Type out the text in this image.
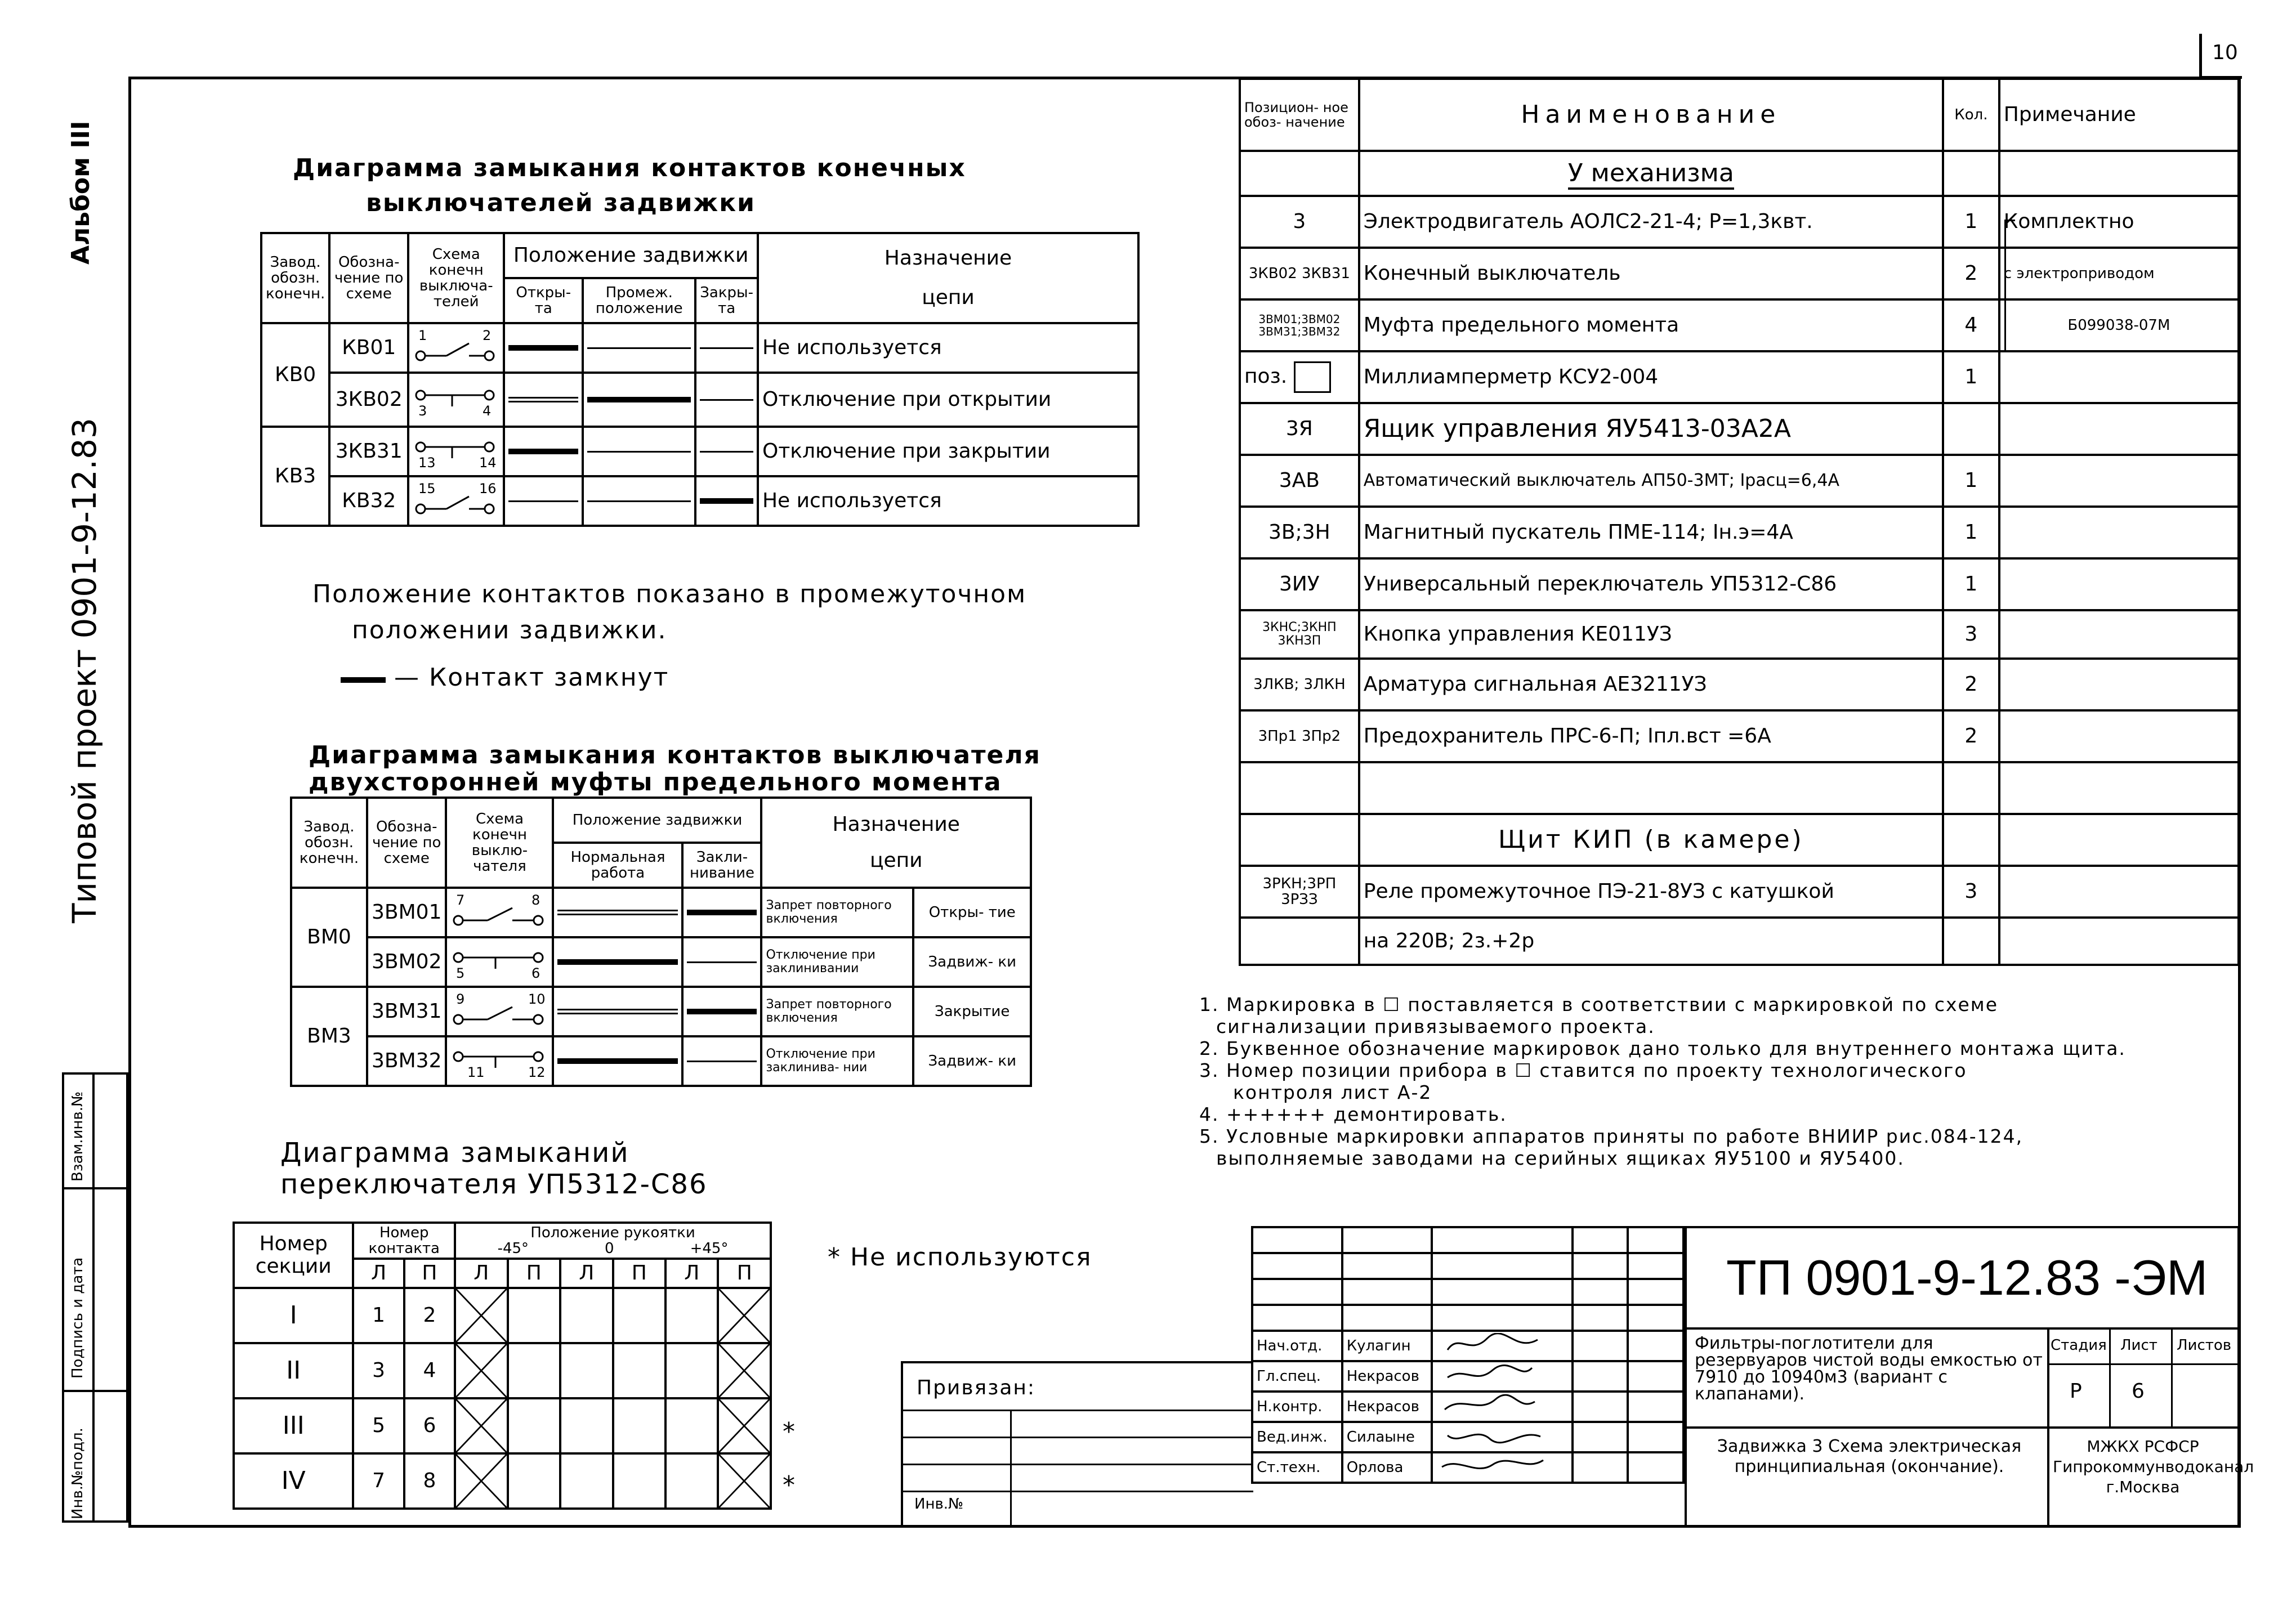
10
Альбом III
Типовой проект 0901-9-12.83
Взам.инв.№
Подпись и дата
Инв.№подл.
Диаграмма замыкания контактов конечных
выключателей задвижки
Завод. обозн. конечн.	Обозна- чение по схеме	Схема конечн выключа- телей	Положение задвижки			Назначение
цепи

			Откры- та	Промеж. положение	Закры- та	
КВ0	КВ01	1 2				Не используется
	3КВ02	3 4				Отключение при открытии
КВ3	3КВ31	13 14				Отключение при закрытии
	КВ32	15 16				Не используется
Положение контактов показано в промежуточном
положении задвижки.
— Контакт замкнут
Диаграмма замыкания контактов выключателя
двухсторонней муфты предельного момента
Завод. обозн. конечн.	Обозна- чение по схеме	Схема конечн выклю- чателя	Положение задвижки		Назначение
цепи	

			Нормальная работа	Закли- нивание		
ВМ0	3ВМ01	7 8			Запрет повторного включения	Откры- тие
	3ВМ02	5 6			Отключение при заклинивании	Задвиж- ки
ВМ3	3ВМ31	9 10			Запрет повторного включения	Закрытие
	3ВМ32	11 12			Отключение при заклинива- нии	Задвиж- ки
Диаграмма замыканий
переключателя УП5312-С86
Номер секции	Номер контакта		Положение рукоятки
-45° 0 +45°					

	Л	П	Л	П	Л	П	Л	П
I	1	2	

II	3	4	

III	5	6	

IV	7	8	

*
*
* Не используются
Позицион- ное обоз- начение	Наименование	Кол.	Примечание
	У механизма		
3	Электродвигатель АОЛС2-21-4; Р=1,3квт.	1	Комплектно
3КВ02 3КВ31	Конечный выключатель	2	с электроприводом
3ВМ01;3ВМ02 3ВМ31;3ВМ32	Муфта предельного момента	4	Б099038-07М
поз.	Миллиамперметр КСУ2-004	1	
3Я	Ящик управления ЯУ5413-03А2А		
3АВ	Автоматический выключатель АП50-3МТ; Iрасц=6,4А	1	
3В;3Н	Магнитный пускатель ПМЕ-114; Iн.э=4А	1	
3ИУ	Универсальный переключатель УП5312-С86	1	
3КНС;3КНП 3КНЗП	Кнопка управления КЕ011УЗ	3	
3ЛКВ; 3ЛКН	Арматура сигнальная АЕ3211УЗ	2	
3Пр1 3Пр2	Предохранитель ПРС-6-П; Iпл.вст =6А	2	

	Щит КИП (в камере)		
3РКН;3РП 3РЗЗ	Реле промежуточное ПЭ-21-8УЗ с катушкой	3	
	на 220В; 2з.+2р		
1. Маркировка в ☐ поставляется в соответствии с маркировкой по схеме
сигнализации привязываемого проекта.
2. Буквенное обозначение маркировок дано только для внутреннего монтажа щита.
3. Номер позиции прибора в ☐ ставится по проекту технологического
контроля лист А-2
4. ++++++ демонтировать.
5. Условные маркировки аппаратов приняты по работе ВНИИР рис.084-124,
выполняемые заводами на серийных ящиках ЯУ5100 и ЯУ5400.

Нач.отд.	Кулагин			
Гл.спец.	Некрасов			
Н.контр.	Некрасов			
Вед.инж.	Силаыне			
Ст.техн.	Орлова			
Привязан:
Инв.№
ТП 0901-9-12.83 -ЭМ
Фильтры-поглотители для резервуаров чистой воды емкостью от 7910 до 10940м3 (вариант с клапанами).
Задвижка 3 Схема электрическая принципиальная (окончание).
Стадия Лист Листов
Р 6
МЖКХ РСФСР Гипрокоммунводоканал г.Москва
